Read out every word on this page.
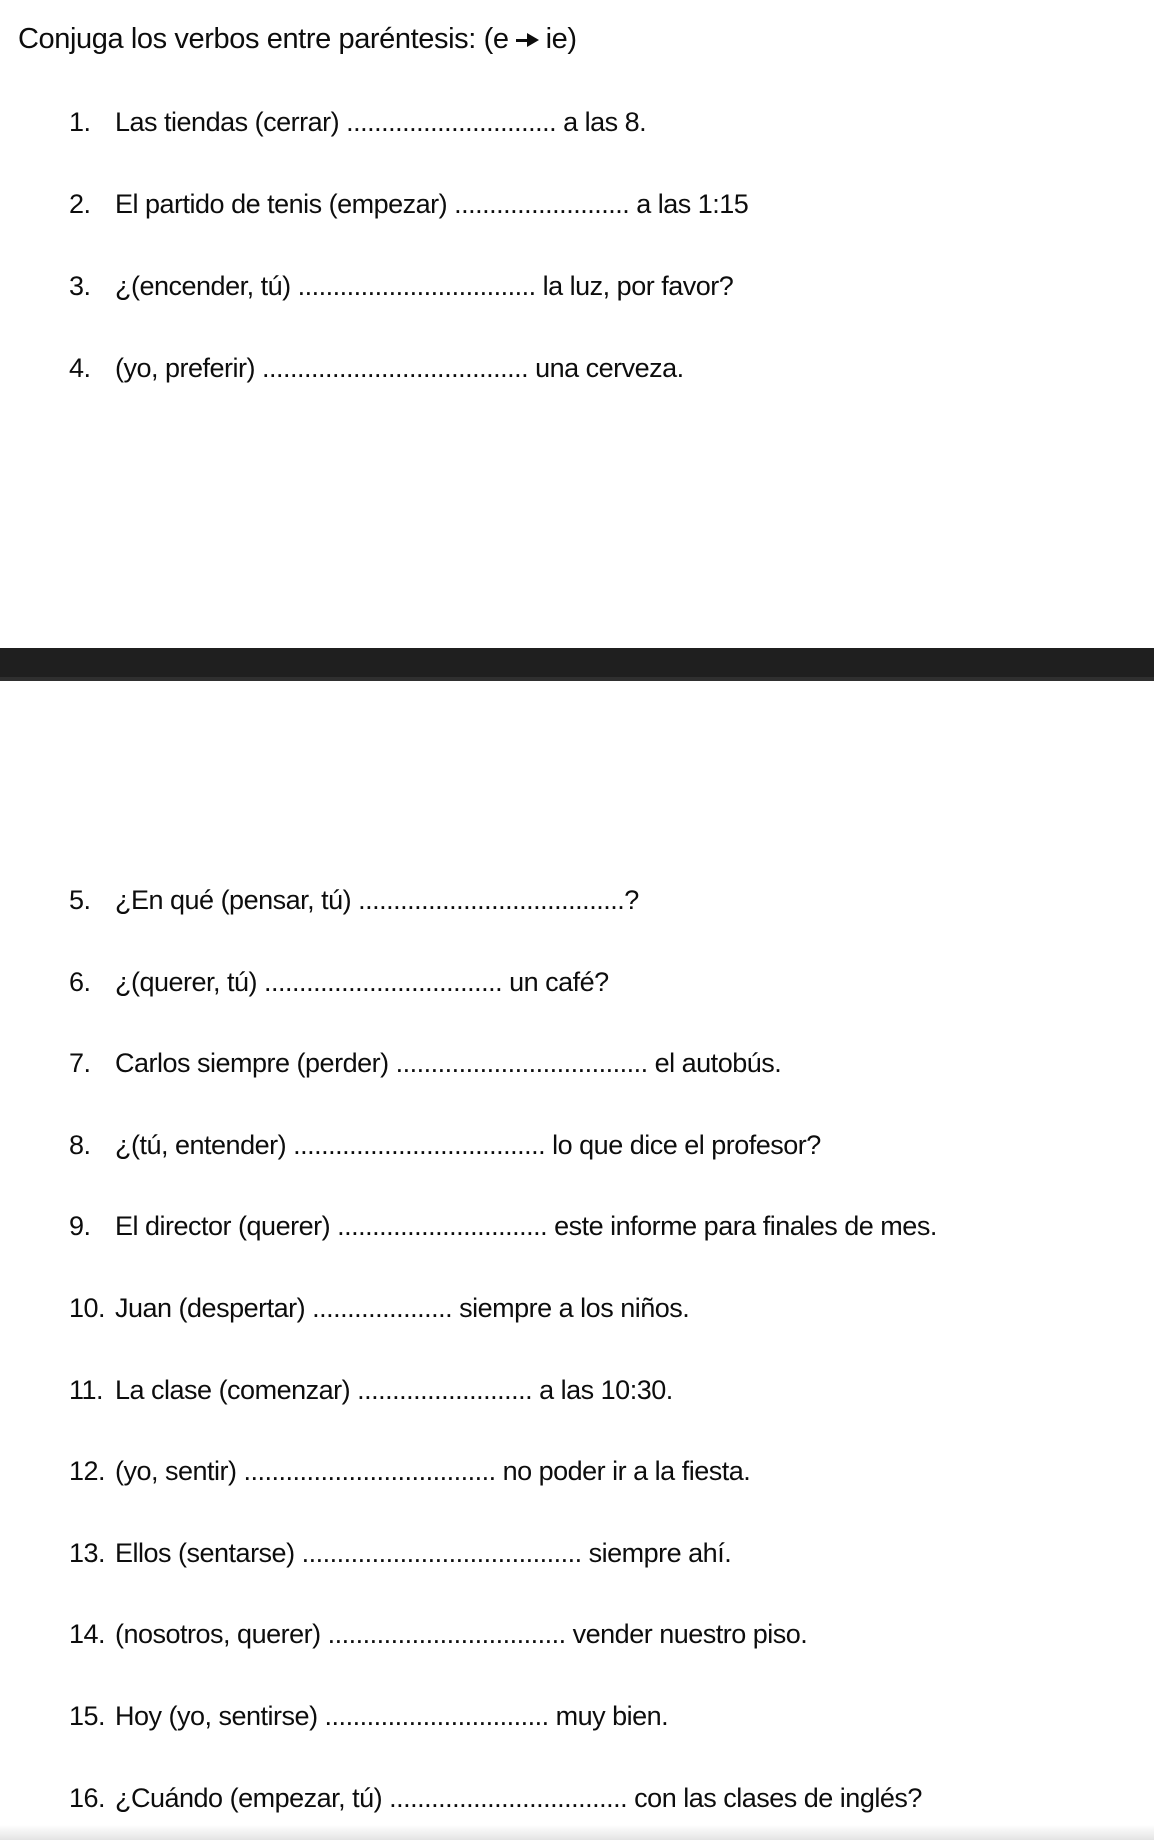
Conjuga los verbos entre paréntesis: (e ie)
1. Las tiendas (cerrar) .............................. a las 8.
2. El partido de tenis (empezar) ......................... a las 1:15
3. ¿(encender, tú) .................................. la luz, por favor?
4. (yo, preferir) ...................................... una cerveza.
5. ¿En qué (pensar, tú) ......................................?
6. ¿(querer, tú) .................................. un café?
7. Carlos siempre (perder) .................................... el autobús.
8. ¿(tú, entender) .................................... lo que dice el profesor?
9. El director (querer) .............................. este informe para finales de mes.
10. Juan (despertar) .................... siempre a los niños.
11. La clase (comenzar) ......................... a las 10:30.
12. (yo, sentir) .................................... no poder ir a la fiesta.
13. Ellos (sentarse) ........................................ siempre ahí.
14. (nosotros, querer) .................................. vender nuestro piso.
15. Hoy (yo, sentirse) ................................ muy bien.
16. ¿Cuándo (empezar, tú) .................................. con las clases de inglés?
